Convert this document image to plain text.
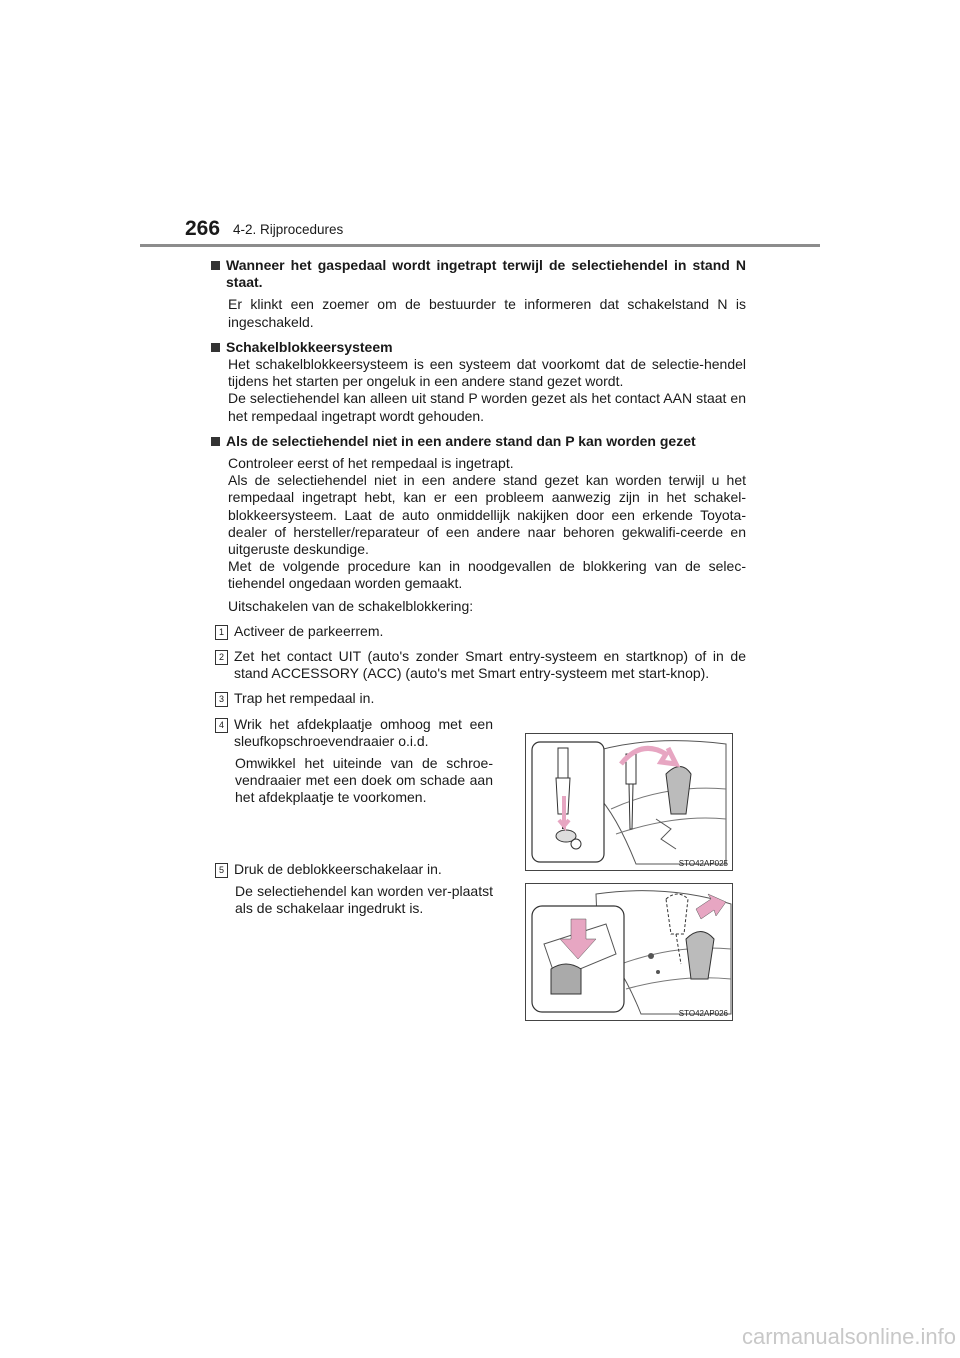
266 4-2. Rijprocedures
Wanneer het gaspedaal wordt ingetrapt terwijl de selectiehendel in stand N staat.
Er klinkt een zoemer om de bestuurder te informeren dat schakelstand N is ingeschakeld.
Schakelblokkeersysteem
Het schakelblokkeersysteem is een systeem dat voorkomt dat de selectie-hendel tijdens het starten per ongeluk in een andere stand gezet wordt.
De selectiehendel kan alleen uit stand P worden gezet als het contact AAN staat en het rempedaal ingetrapt wordt gehouden.
Als de selectiehendel niet in een andere stand dan P kan worden gezet
Controleer eerst of het rempedaal is ingetrapt.
Als de selectiehendel niet in een andere stand gezet kan worden terwijl u het rempedaal ingetrapt hebt, kan er een probleem aanwezig zijn in het schakel-blokkeersysteem. Laat de auto onmiddellijk nakijken door een erkende Toyota-dealer of hersteller/reparateur of een andere naar behoren gekwalifi-ceerde en uitgeruste deskundige.
Met de volgende procedure kan in noodgevallen de blokkering van de selec-tiehendel ongedaan worden gemaakt.
Uitschakelen van de schakelblokkering:
1 Activeer de parkeerrem.
2 Zet het contact UIT (auto's zonder Smart entry-systeem en startknop) of in de stand ACCESSORY (ACC) (auto's met Smart entry-systeem met start-knop).
3 Trap het rempedaal in.
4 Wrik het afdekplaatje omhoog met een sleufkopschroevendraaier o.i.d.
Omwikkel het uiteinde van de schroe-vendraaier met een doek om schade aan het afdekplaatje te voorkomen.
5 Druk de deblokkeerschakelaar in.
De selectiehendel kan worden ver-plaatst als de schakelaar ingedrukt is.
STO42AP025
STO42AP026
carmanualsonline.info
